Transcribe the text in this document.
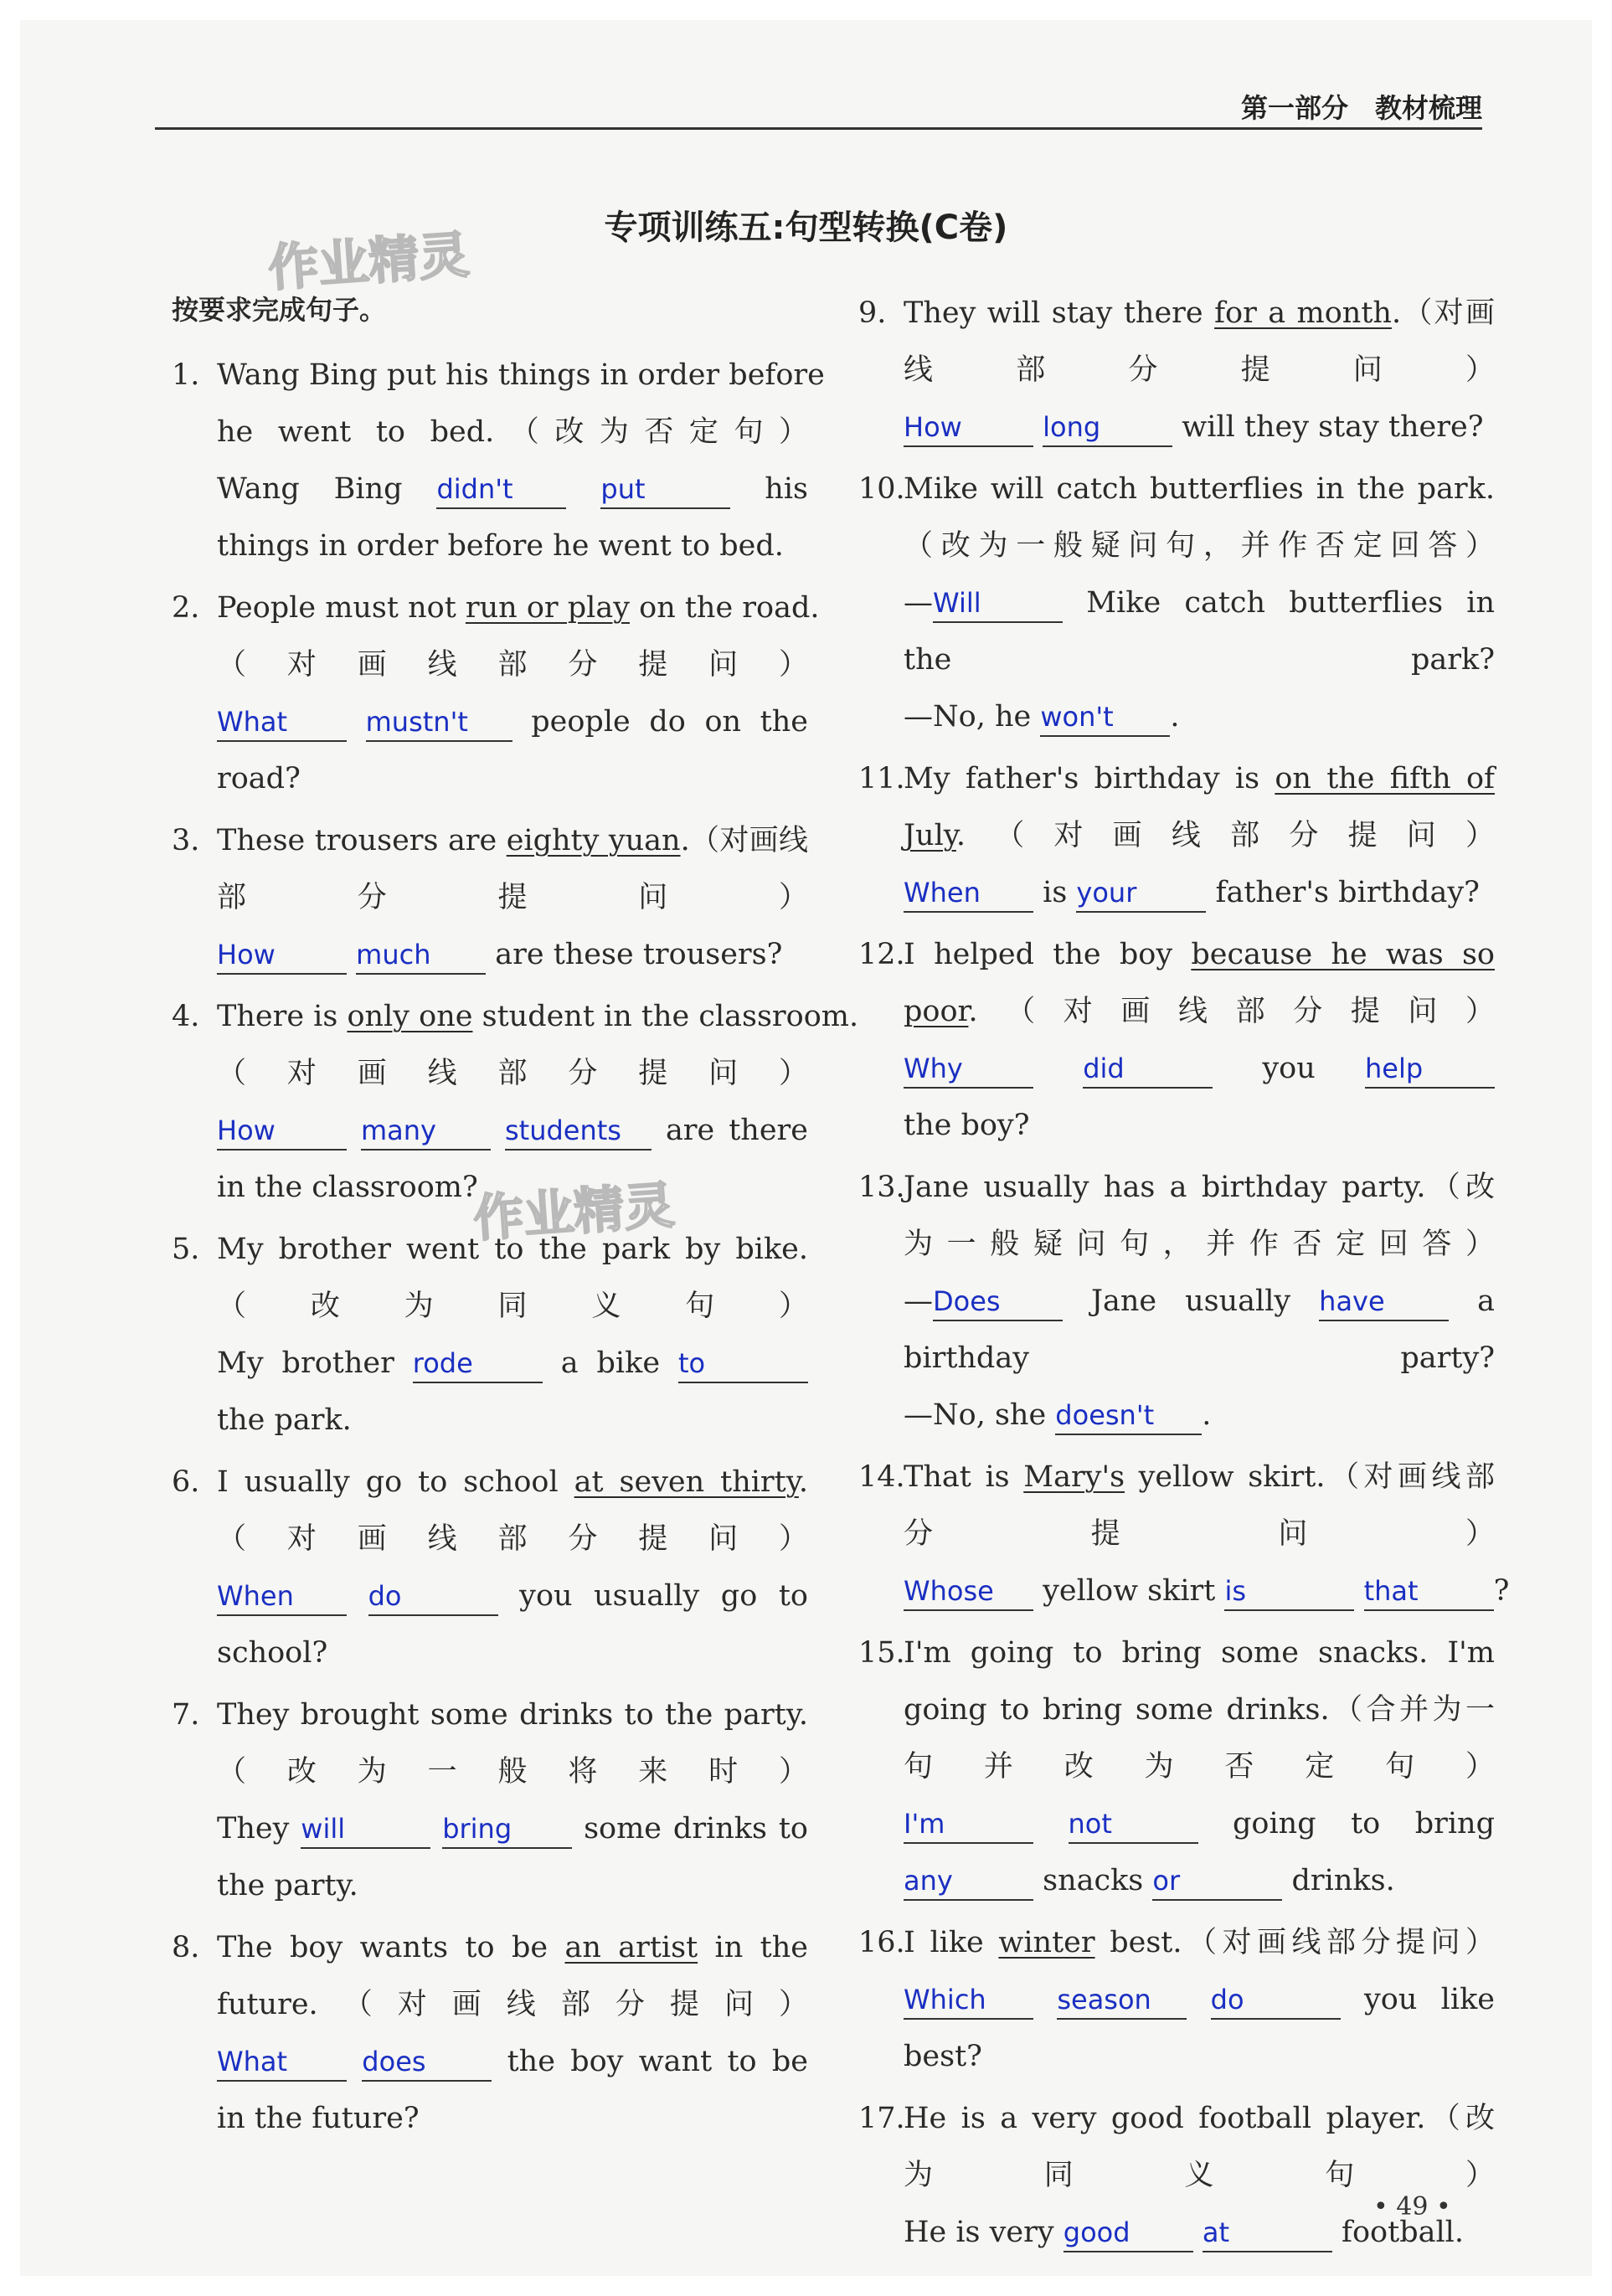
第一部分　教材梳理
作业精灵
作业精灵
专项训练五:句型转换(C卷)
按要求完成句子。
1. Wang Bing put his things in order before
he went to bed.（改为否定句）
Wang Bing didn't	put	his
things in order before he went to bed.
2. People must not run or play on the road.
（对画线部分提问）
What	mustn't people do on the
road?
3. These trousers are eighty yuan.（对画线
部分提问）
How	much are these trousers?
4. There is only one student in the classroom.
（对画线部分提问）
How	many	students are there
in the classroom?
5. My brother went to the park by bike.
（改为同义句）
My brother rode a bike to
the park.
6. I usually go to school at seven thirty.
（对画线部分提问）
When	do	you usually go to
school?
7. They brought some drinks to the party.
（改为一般将来时）
They will	bring some drinks to
the party.
8. The boy wants to be an artist in the
future.（对画线部分提问）
What	does the boy want to be
in the future?
9. They will stay there for a month.（对画
线部分提问）
How	long will they stay there?
10.Mike will catch butterflies in the park.
（改为一般疑问句，并作否定回答）
—Will	Mike catch butterflies in
the park?
—No, he won't .
11.My father's birthday is on the fifth of
July.（对画线部分提问）
When is your father's birthday?
12.I helped the boy because he was so
poor.（对画线部分提问）
Why	did	you help
the boy?
13.Jane usually has a birthday party.（改
为一般疑问句，并作否定回答）
—Does Jane usually have a
birthday party?
—No, she doesn't .
14.That is Mary's yellow skirt.（对画线部
分提问）
Whose yellow skirt is	that	?
15.I'm going to bring some snacks. I'm
going to bring some drinks.（合并为一
句并改为否定句）
I'm	not	going to bring
any	snacks or	drinks.
16.I like winter best.（对画线部分提问）
Which	season do	you like
best?
17.He is a very good football player.（改
为同义句）
He is very good	at	football.
• 49 •
